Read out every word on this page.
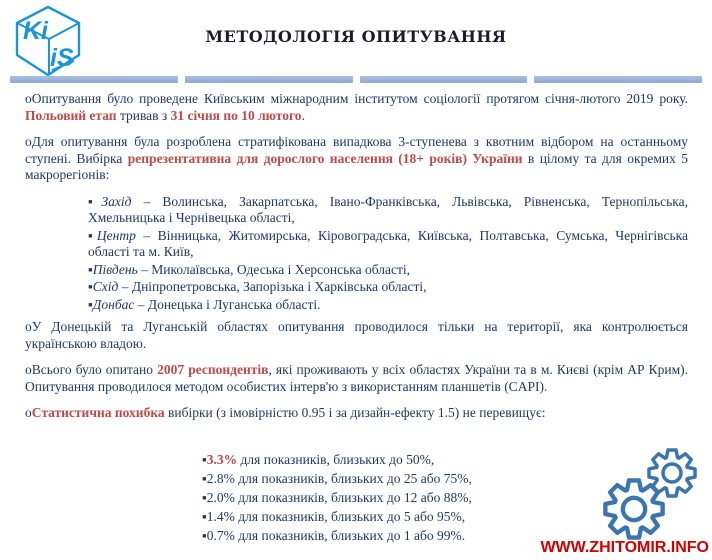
Ki
iS
МЕТОДОЛОГІЯ ОПИТУВАННЯ

oОпитування було проведене Київським міжнародним інститутом соціології протягом січня-лютого 2019 року. Польовий етап тривав з 31 січня по 10 лютого.

oДля опитування була розроблена стратифікована випадкова 3-ступенева з квотним відбором на останньому ступені. Вибірка репрезентативна для дорослого населення (18+ років) України в цілому та для окремих 5 макрорегіонів:

▪Захід – Волинська, Закарпатська, Івано-Франківська, Львівська, Рівненська, Тернопільська, Хмельницька і Чернівецька області,

▪Центр – Вінницька, Житомирська, Кіровоградська, Київська, Полтавська, Сумська, Чернігівська області та м. Київ,

▪Південь – Миколаївська, Одеська і Херсонська області,

▪Схід – Дніпропетровська, Запорізька і Харківська області,

▪Донбас – Донецька і Луганська області.

oУ Донецькій та Луганській областях опитування проводилося тільки на території, яка контролюється українською владою.

oВсього було опитано 2007 респондентів, які проживають у всіх областях України та в м. Києві (крім АР Крим). Опитування проводилося методом особистих інтерв'ю з використанням планшетів (CAPI).

oСтатистична похибка вибірки (з імовірністю 0.95 і за дизайн-ефекту 1.5) не перевищує:

▪3.3% для показників, близьких до 50%,

▪2.8% для показників, близьких до 25 або 75%,

▪2.0% для показників, близьких до 12 або 88%,

▪1.4% для показників, близьких до 5 або 95%,

▪0.7% для показників, близьких до 1 або 99%.

WWW.ZHITOMIR.INFO
